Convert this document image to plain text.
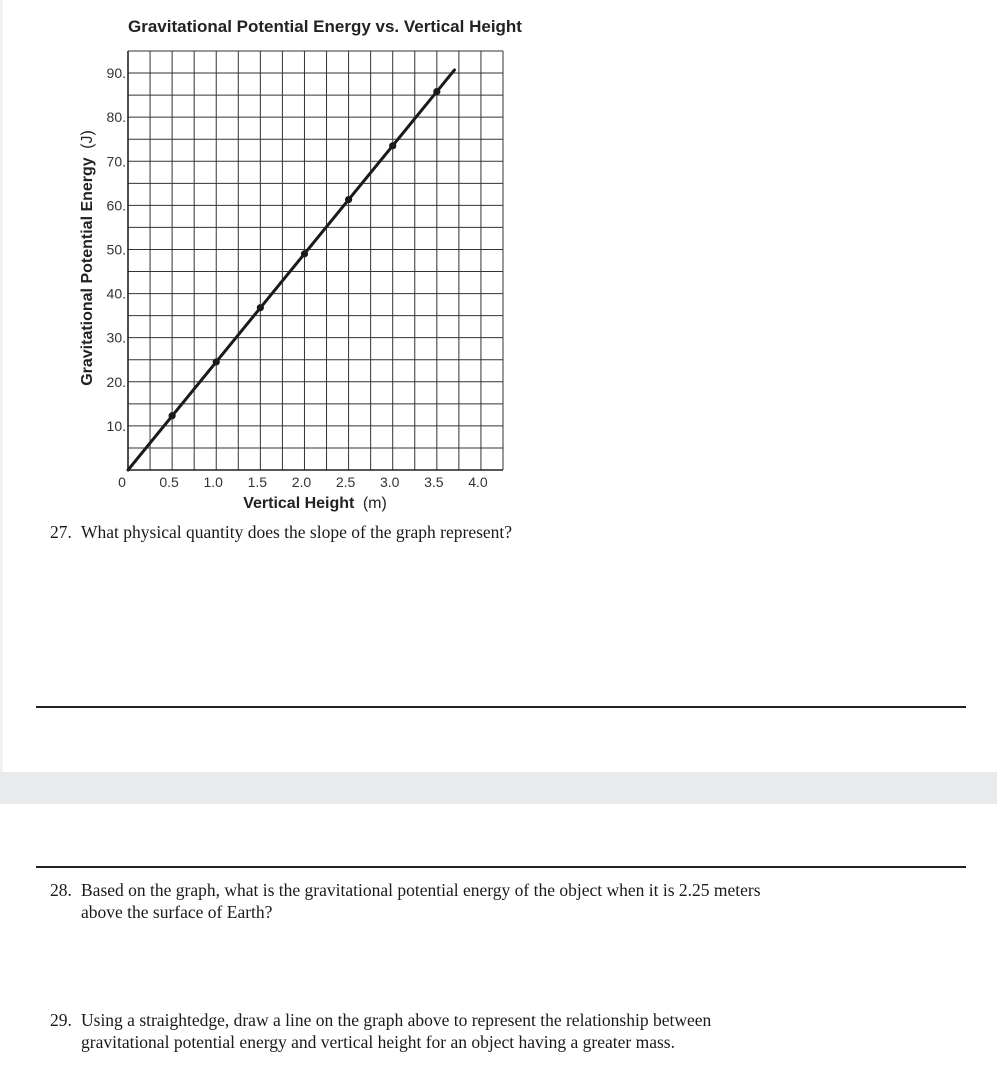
Gravitational Potential Energy vs. Vertical Height
10.
20.
30.
40.
50.
60.
70.
80.
90.
0 0.5 1.0 1.5 2.0 2.5 3.0 3.5 4.0
Vertical Height (m)
Gravitational Potential Energy (J)
27. What physical quantity does the slope of the graph represent?
28. Based on the graph, what is the gravitational potential energy of the object when it is 2.25 meters
above the surface of Earth?
29. Using a straightedge, draw a line on the graph above to represent the relationship between
gravitational potential energy and vertical height for an object having a greater mass.
